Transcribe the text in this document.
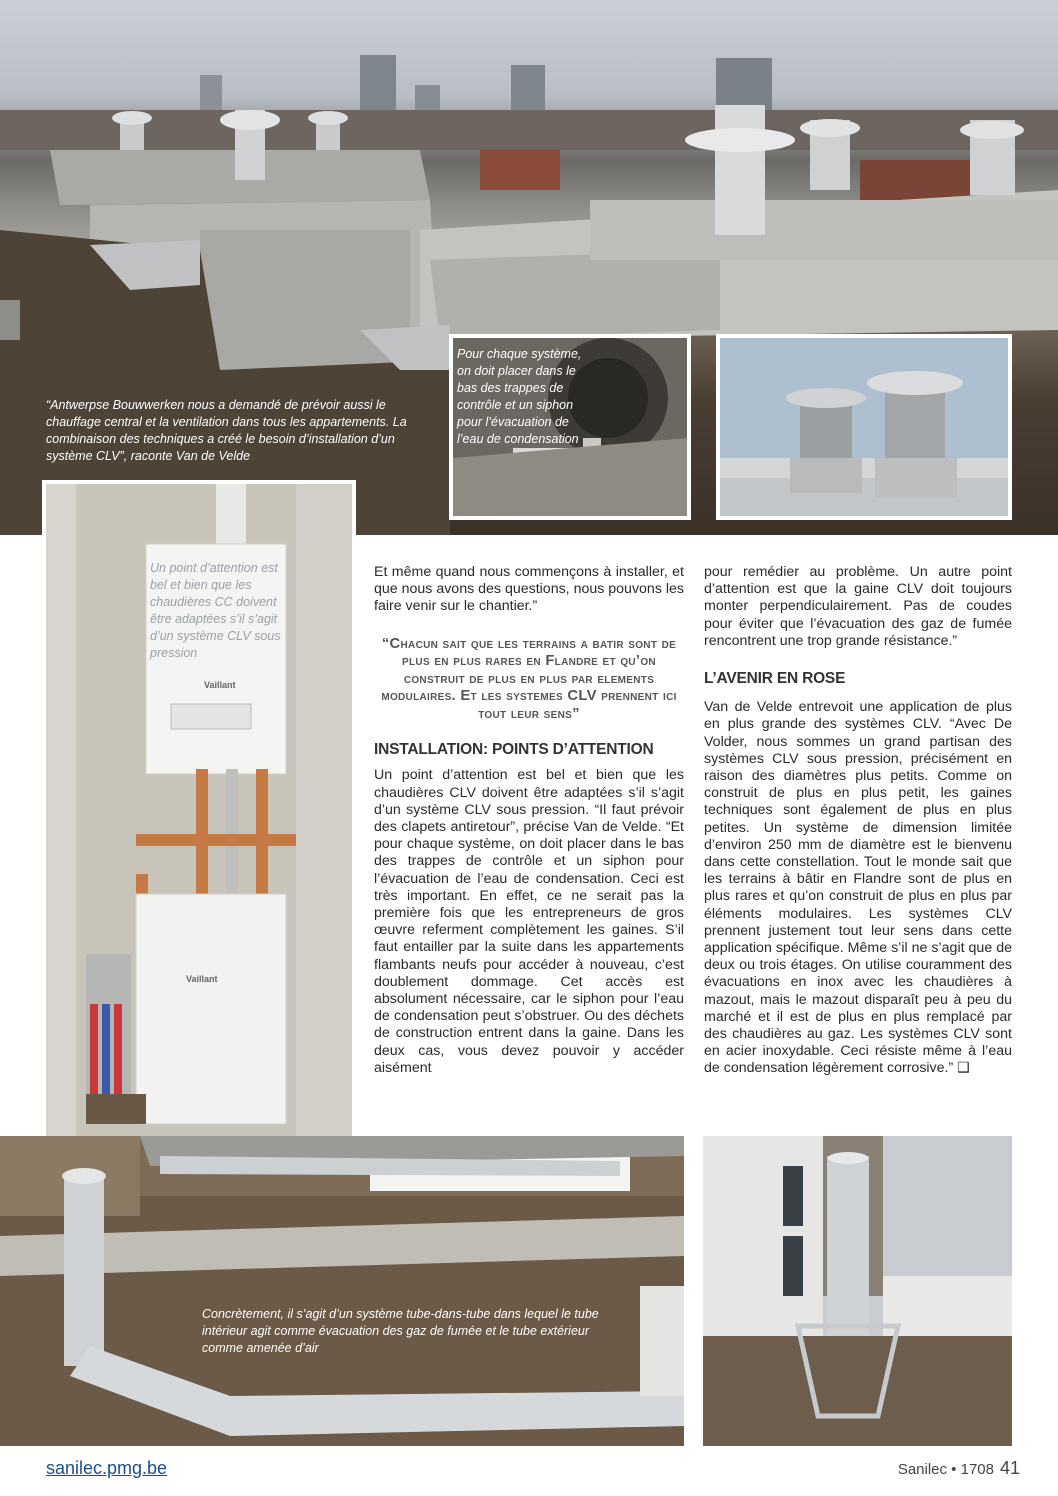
“Antwerpse Bouwwerken nous a demandé de prévoir aussi le chauffage central et la ventilation dans tous les appartements. La combinaison des techniques a créé le besoin d’installation d’un système CLV”, raconte Van de Velde
Pour chaque système, on doit placer dans le bas des trappes de contrôle et un siphon pour l’évacuation de l’eau de condensation
Un point d’attention est bel et bien que les chaudières CC doivent être adaptées s’il s’agit d’un système CLV sous pression
Vaillant
Vaillant

Et même quand nous commençons à installer, et que nous avons des questions, nous pouvons les faire venir sur le chantier.”

“Chacun sait que les terrains a batir sont de plus en plus rares en Flandre et qu’on construit de plus en plus par elements modulaires. Et les systemes CLV prennent ici tout leur sens”
INSTALLATION: POINTS D’ATTENTION

Un point d’attention est bel et bien que les chaudières CLV doivent être adaptées s’il s’agit d’un système CLV sous pression. “Il faut prévoir des clapets antiretour”, précise Van de Velde. “Et pour chaque système, on doit placer dans le bas des trappes de contrôle et un siphon pour l’évacuation de l’eau de condensation. Ceci est très important. En effet, ce ne serait pas la première fois que les entrepreneurs de gros œuvre referment complètement les gaines. S’il faut entailler par la suite dans les appartements flambants neufs pour accéder à nouveau, c’est doublement dommage. Cet accès est absolument nécessaire, car le siphon pour l’eau de condensation peut s’obstruer. Ou des déchets de construction entrent dans la gaine. Dans les deux cas, vous devez pouvoir y accéder aisément

pour remédier au problème. Un autre point d’attention est que la gaine CLV doit toujours monter perpendiculairement. Pas de coudes pour éviter que l’évacuation des gaz de fumée rencontrent une trop grande résistance.”

L’AVENIR EN ROSE

Van de Velde entrevoit une application de plus en plus grande des systèmes CLV. “Avec De Volder, nous sommes un grand partisan des systèmes CLV sous pression, précisément en raison des diamètres plus petits. Comme on construit de plus en plus petit, les gaines techniques sont également de plus en plus petites. Un système de dimension limitée d’environ 250 mm de diamètre est le bienvenu dans cette constellation. Tout le monde sait que les terrains à bâtir en Flandre sont de plus en plus rares et qu’on construit de plus en plus par éléments modulaires. Les systèmes CLV prennent justement tout leur sens dans cette application spécifique. Même s’il ne s’agit que de deux ou trois étages. On utilise couramment des évacuations en inox avec les chaudières à mazout, mais le mazout disparaît peu à peu du marché et il est de plus en plus remplacé par des chaudières au gaz. Les systèmes CLV sont en acier inoxydable. Ceci résiste même à l’eau de condensation légèrement corrosive.” ❑

Concrètement, il s’agit d’un système tube-dans-tube dans lequel le tube intérieur agit comme évacuation des gaz de fumée et le tube extérieur comme amenée d’air
sanilec.pmg.be	Sanilec • 1708 41
